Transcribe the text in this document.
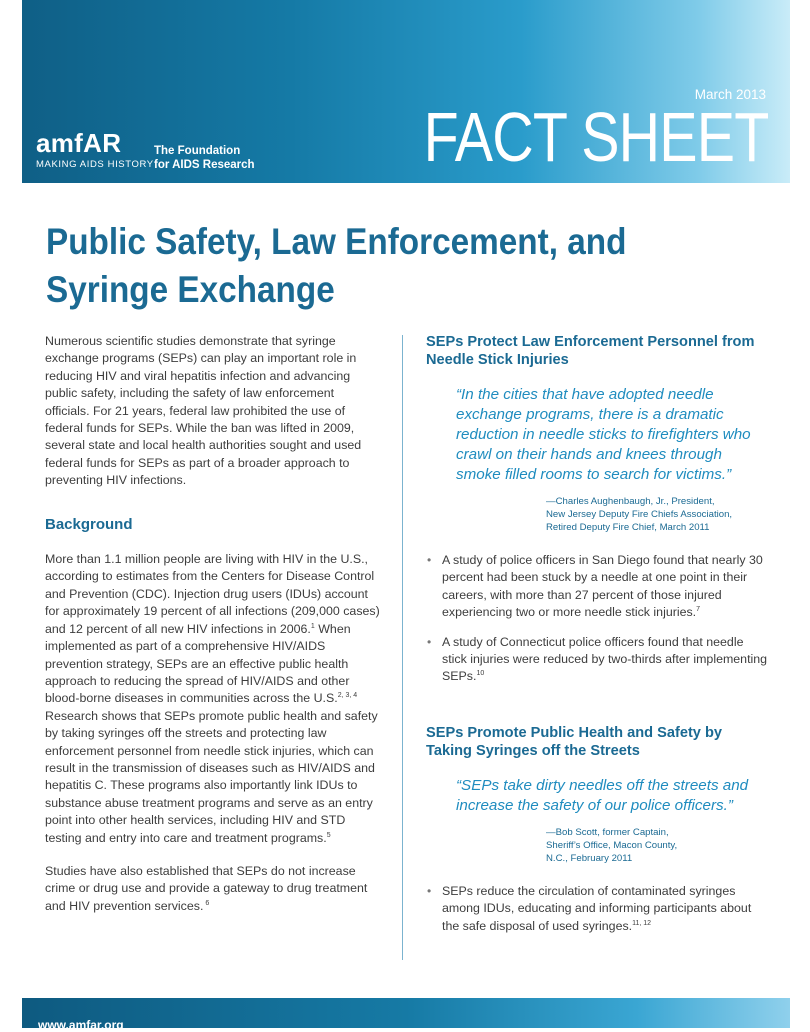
amfAR
MAKING AIDS HISTORY
The Foundation
for AIDS Research
March 2013
FACT SHEET
Public Safety, Law Enforcement, and Syringe Exchange

Numerous scientific studies demonstrate that syringe exchange programs (SEPs) can play an important role in reducing HIV and viral hepatitis infection and advancing public safety, including the safety of law enforcement officials. For 21 years, federal law prohibited the use of federal funds for SEPs. While the ban was lifted in 2009, several state and local health authorities sought and used federal funds for SEPs as part of a broader approach to preventing HIV infections.

Background

More than 1.1 million people are living with HIV in the U.S., according to estimates from the Centers for Disease Control and Prevention (CDC). Injection drug users (IDUs) account for approximately 19 percent of all infections (209,000 cases) and 12 percent of all new HIV infections in 2006.$^1$ When implemented as part of a comprehensive HIV/AIDS prevention strategy, SEPs are an effective public health approach to reducing the spread of HIV/AIDS and other blood-borne diseases in communities across the U.S.$^{2, 3, 4}$ Research shows that SEPs promote public health and safety by taking syringes off the streets and protecting law enforcement personnel from needle stick injuries, which can result in the transmission of diseases such as HIV/AIDS and hepatitis C. These programs also importantly link IDUs to substance abuse treatment programs and serve as an entry point into other health services, including HIV and STD testing and entry into care and treatment programs.$^5$

Studies have also established that SEPs do not increase crime or drug use and provide a gateway to drug treatment and HIV prevention services. $^6$

SEPs Protect Law Enforcement Personnel from Needle Stick Injuries
“In the cities that have adopted needle exchange programs, there is a dramatic reduction in needle sticks to firefighters who crawl on their hands and knees through smoke filled rooms to search for victims.”
—Charles Aughenbaugh, Jr., President,
New Jersey Deputy Fire Chiefs Association,
Retired Deputy Fire Chief, March 2011
• A study of police officers in San Diego found that nearly 30 percent had been stuck by a needle at one point in their careers, with more than 27 percent of those injured experiencing two or more needle stick injuries.$^7$
• A study of Connecticut police officers found that needle stick injuries were reduced by two-thirds after implementing SEPs.$^{10}$
SEPs Promote Public Health and Safety by Taking Syringes off the Streets
“SEPs take dirty needles off the streets and increase the safety of our police officers.”
—Bob Scott, former Captain,
Sheriff’s Office, Macon County,
N.C., February 2011
• SEPs reduce the circulation of contaminated syringes among IDUs, educating and informing participants about the safe disposal of used syringes.$^{11, 12}$
www.amfar.org
